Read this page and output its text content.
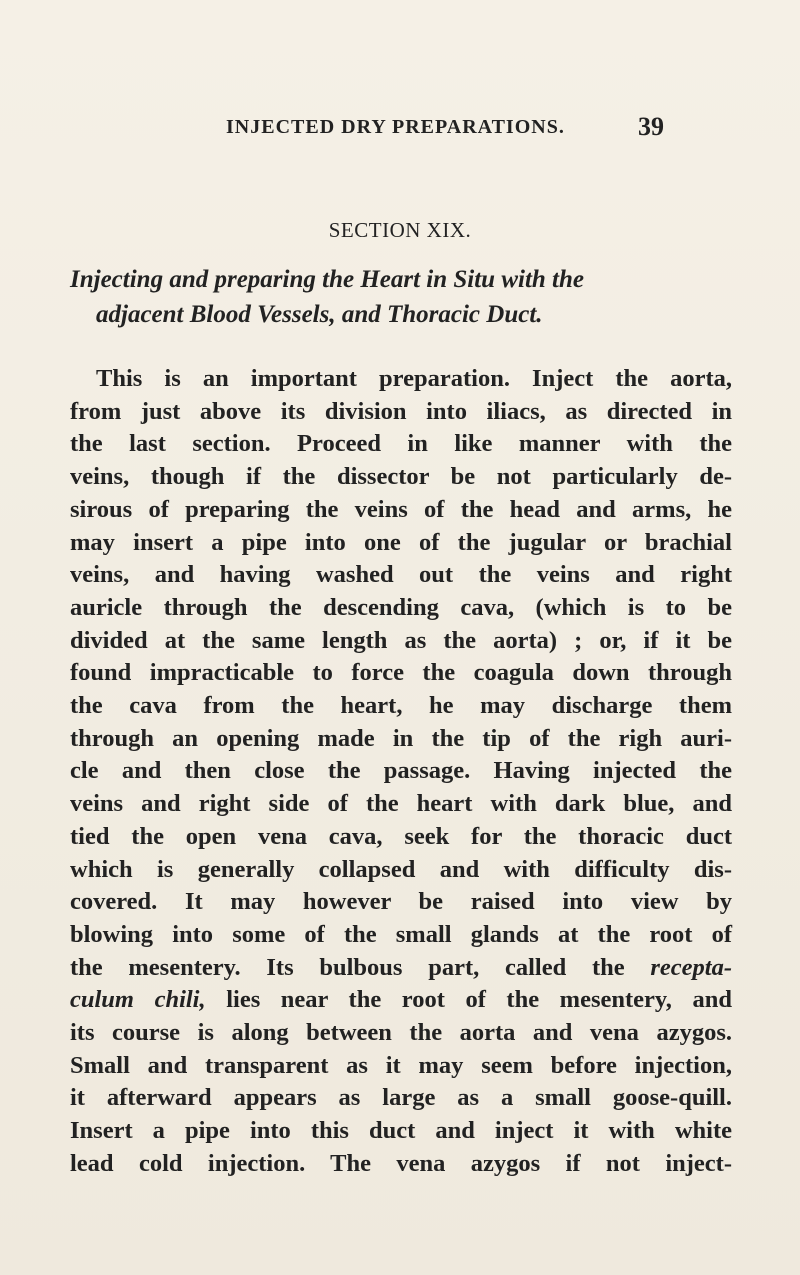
INJECTED DRY PREPARATIONS.	39
SECTION XIX.
Injecting and preparing the Heart in Situ with the
adjacent Blood Vessels, and Thoracic Duct.
This is an important preparation. Inject the aorta,
from just above its division into iliacs, as directed in
the last section. Proceed in like manner with the
veins, though if the dissector be not particularly de-
sirous of preparing the veins of the head and arms, he
may insert a pipe into one of the jugular or brachial
veins, and having washed out the veins and right
auricle through the descending cava, (which is to be
divided at the same length as the aorta) ; or, if it be
found impracticable to force the coagula down through
the cava from the heart, he may discharge them
through an opening made in the tip of the righ auri-
cle and then close the passage. Having injected the
veins and right side of the heart with dark blue, and
tied the open vena cava, seek for the thoracic duct
which is generally collapsed and with difficulty dis-
covered. It may however be raised into view by
blowing into some of the small glands at the root of
the mesentery. Its bulbous part, called the recepta-
culum chili, lies near the root of the mesentery, and
its course is along between the aorta and vena azygos.
Small and transparent as it may seem before injection,
it afterward appears as large as a small goose-quill.
Insert a pipe into this duct and inject it with white
lead cold injection. The vena azygos if not inject-
